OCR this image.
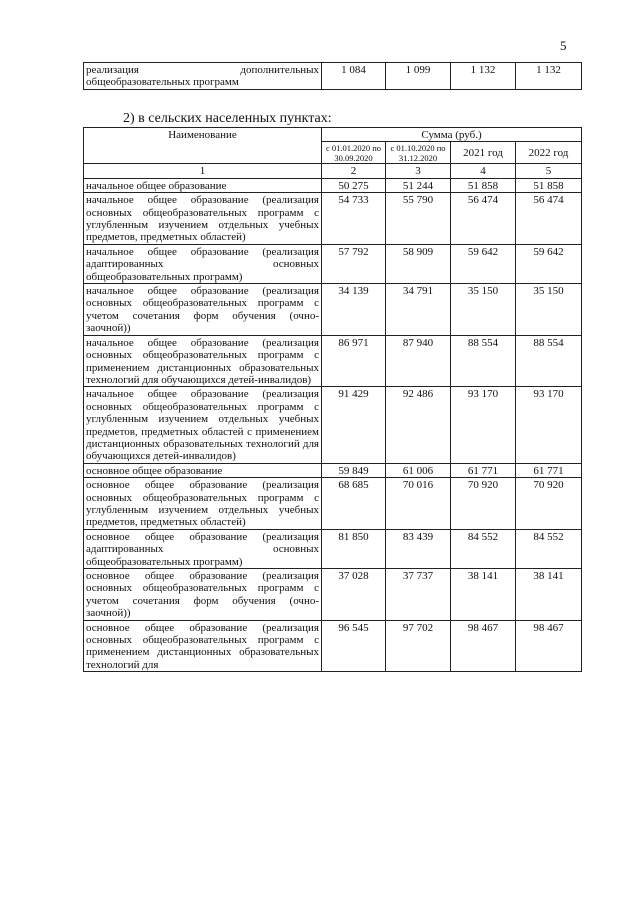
5
реализация дополнительных общеобразовательных программ	1 084	1 099	1 132	1 132
2) в сельских населенных пунктах:
Наименование	Сумма (руб.)			
	с 01.01.2020 по 30.09.2020	с 01.10.2020 по 31.12.2020	2021 год	2022 год
1	2	3	4	5
начальное общее образование	50 275	51 244	51 858	51 858
начальное общее образование (реализация основных общеобразовательных программ с углубленным изучением отдельных учебных предметов, предметных областей)	54 733	55 790	56 474	56 474
начальное общее образование (реализация адаптированных основных общеобразовательных программ)	57 792	58 909	59 642	59 642
начальное общее образование (реализация основных общеобразовательных программ с учетом сочетания форм обучения (очно-заочной))	34 139	34 791	35 150	35 150
начальное общее образование (реализация основных общеобразовательных программ с применением дистанционных образовательных технологий для обучающихся детей-инвалидов)	86 971	87 940	88 554	88 554
начальное общее образование (реализация основных общеобразовательных программ с углубленным изучением отдельных учебных предметов, предметных областей с применением дистанционных образовательных технологий для обучающихся детей-инвалидов)	91 429	92 486	93 170	93 170
основное общее образование	59 849	61 006	61 771	61 771
основное общее образование (реализация основных общеобразовательных программ с углубленным изучением отдельных учебных предметов, предметных областей)	68 685	70 016	70 920	70 920
основное общее образование (реализация адаптированных основных общеобразовательных программ)	81 850	83 439	84 552	84 552
основное общее образование (реализация основных общеобразовательных программ с учетом сочетания форм обучения (очно-заочной))	37 028	37 737	38 141	38 141
основное общее образование (реализация основных общеобразовательных программ с применением дистанционных образовательных технологий для	96 545	97 702	98 467	98 467
